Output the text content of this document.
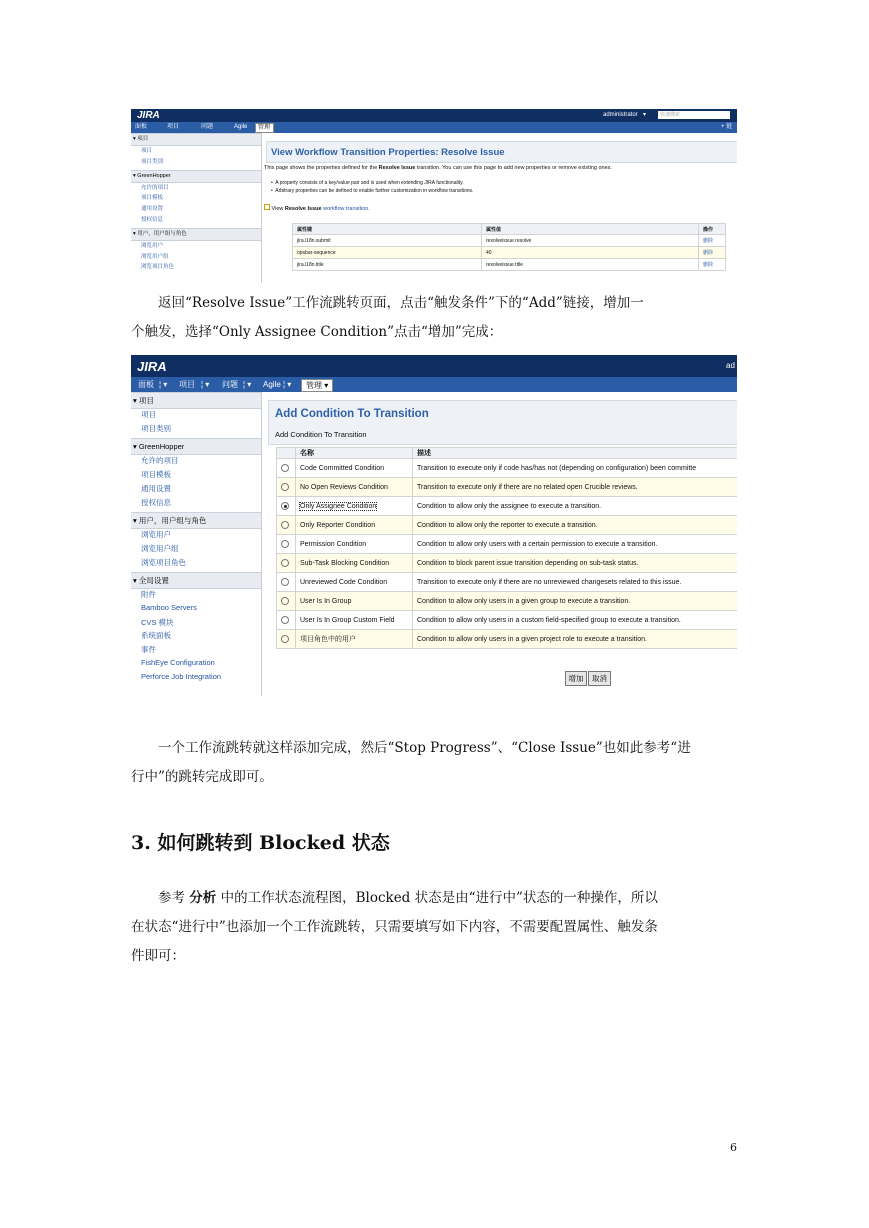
JIRA	administrator ▾	快速搜索
面板	项目	问题	Agile	管理	+ 链
▾ 项目
项目
项目类别
▾ GreenHopper
允许的项目
项目模板
通用设置
授权信息
▾ 用户，用户组与角色
浏览用户
浏览用户组
浏览项目角色
View Workflow Transition Properties: Resolve Issue
This page shows the properties defined for the Resolve Issue transition. You can use this page to add new properties or remove existing ones.
•  A property consists of a key/value pair and is used when extending JIRA functionality.
•  Arbitrary properties can be defined to enable further customization in workflow transitions.
View Resolve Issue workflow transition.
属性键	属性值	操作
jira.i18n.submit	resolveissue.resolve	删除
opsbar-sequence	40	删除
jira.i18n.title	resolveissue.title	删除
返回“Resolve Issue”工作流跳转页面，点击“触发条件”下的“Add”链接，增加一
个触发，选择“Only Assignee Condition”点击“增加”完成：
JIRA	ad
面板 ¦ ▾ 项目 ¦ ▾ 问题 ¦ ▾ Agile ¦ ▾	管理 ▾
▾ 项目
项目
项目类别
▾ GreenHopper
允许的项目
项目模板
通用设置
授权信息
▾ 用户，用户组与角色
浏览用户
浏览用户组
浏览项目角色
▾ 全局设置
附件
Bamboo Servers
CVS 模块
系统面板
事件
FishEye Configuration
Perforce Job Integration
Add Condition To Transition
Add Condition To Transition
	名称	描述
	Code Committed Condition	Transition to execute only if code has/has not (depending on configuration) been committe
	No Open Reviews Condition	Transition to execute only if there are no related open Crucible reviews.
	Only Assignee Condition	Condition to allow only the assignee to execute a transition.
	Only Reporter Condition	Condition to allow only the reporter to execute a transition.
	Permission Condition	Condition to allow only users with a certain permission to execute a transition.
	Sub-Task Blocking Condition	Condition to block parent issue transition depending on sub-task status.
	Unreviewed Code Condition	Transition to execute only if there are no unreviewed changesets related to this issue.
	User Is In Group	Condition to allow only users in a given group to execute a transition.
	User Is In Group Custom Field	Condition to allow only users in a custom field-specified group to execute a transition.
	项目角色中的用户	Condition to allow only users in a given project role to execute a transition.
增加	取消
一个工作流跳转就这样添加完成，然后“Stop Progress”、“Close Issue”也如此参考“进
行中”的跳转完成即可。
3. 如何跳转到 Blocked 状态
参考 分析 中的工作状态流程图，Blocked 状态是由“进行中”状态的一种操作，所以
在状态“进行中”也添加一个工作流跳转，只需要填写如下内容，不需要配置属性、触发条
件即可：
6
